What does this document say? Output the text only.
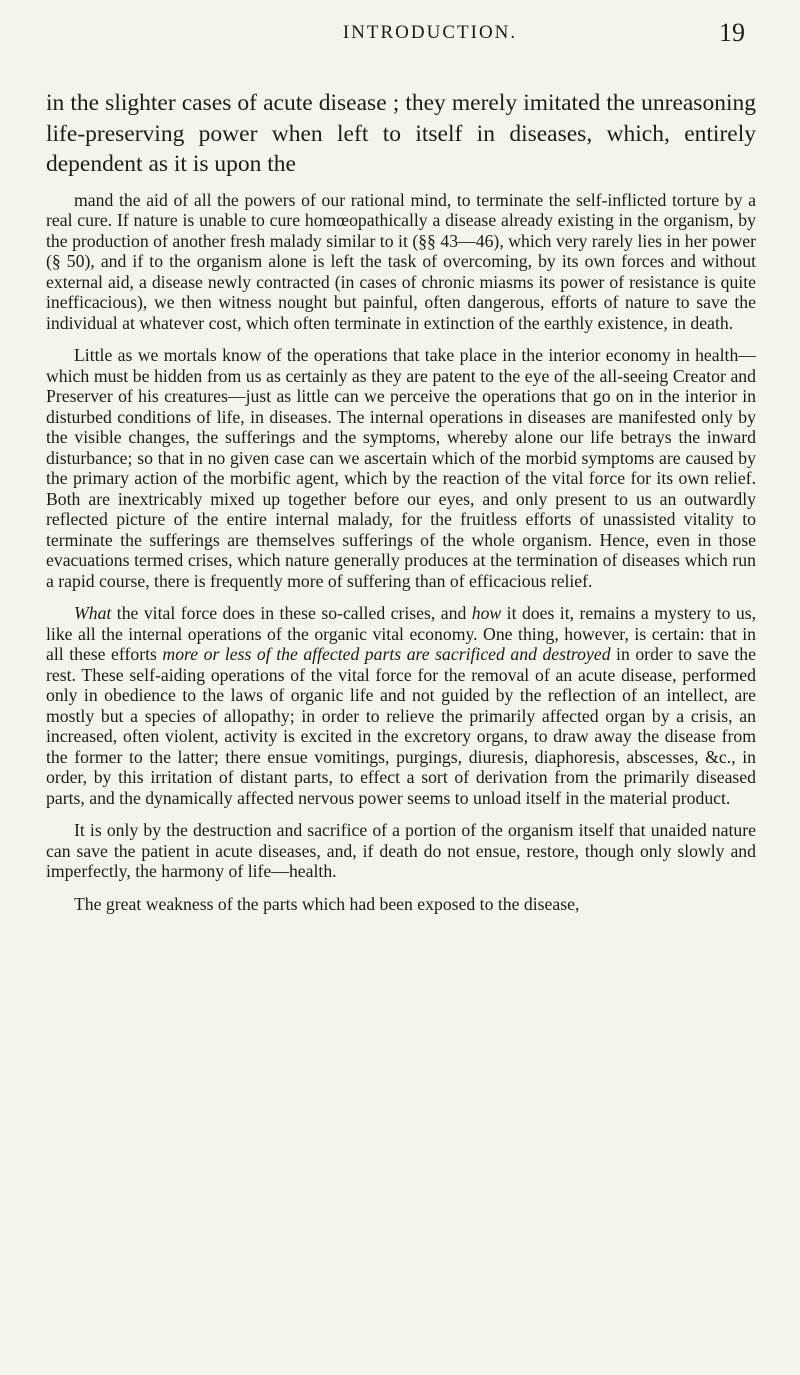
INTRODUCTION.	19

in the slighter cases of acute disease ; they merely imitated the unreasoning life-preserving power when left to itself in diseases, which, entirely dependent as it is upon the

mand the aid of all the powers of our rational mind, to terminate the self-inflicted torture by a real cure. If nature is unable to cure homœopathically a disease already existing in the organism, by the production of another fresh malady similar to it (§§ 43—46), which very rarely lies in her power (§ 50), and if to the organism alone is left the task of overcoming, by its own forces and without external aid, a disease newly contracted (in cases of chronic miasms its power of resistance is quite inefficacious), we then witness nought but painful, often dangerous, efforts of nature to save the individual at whatever cost, which often terminate in extinction of the earthly existence, in death.

Little as we mortals know of the operations that take place in the interior economy in health—which must be hidden from us as certainly as they are patent to the eye of the all-seeing Creator and Preserver of his creatures—just as little can we perceive the operations that go on in the interior in disturbed conditions of life, in diseases. The internal operations in diseases are manifested only by the visible changes, the sufferings and the symptoms, whereby alone our life betrays the inward disturbance; so that in no given case can we ascertain which of the morbid symptoms are caused by the primary action of the morbific agent, which by the reaction of the vital force for its own relief. Both are inextricably mixed up together before our eyes, and only present to us an outwardly reflected picture of the entire internal malady, for the fruitless efforts of unassisted vitality to terminate the sufferings are themselves sufferings of the whole organism. Hence, even in those evacuations termed crises, which nature generally produces at the termination of diseases which run a rapid course, there is frequently more of suffering than of efficacious relief.

What the vital force does in these so-called crises, and how it does it, remains a mystery to us, like all the internal operations of the organic vital economy. One thing, however, is certain: that in all these efforts more or less of the affected parts are sacrificed and destroyed in order to save the rest. These self-aiding operations of the vital force for the removal of an acute disease, performed only in obedience to the laws of organic life and not guided by the reflection of an intellect, are mostly but a species of allopathy; in order to relieve the primarily affected organ by a crisis, an increased, often violent, activity is excited in the excretory organs, to draw away the disease from the former to the latter; there ensue vomitings, purgings, diuresis, diaphoresis, abscesses, &c., in order, by this irritation of distant parts, to effect a sort of derivation from the primarily diseased parts, and the dynamically affected nervous power seems to unload itself in the material product.

It is only by the destruction and sacrifice of a portion of the organism itself that unaided nature can save the patient in acute diseases, and, if death do not ensue, restore, though only slowly and imperfectly, the harmony of life—health.

The great weakness of the parts which had been exposed to the disease,
